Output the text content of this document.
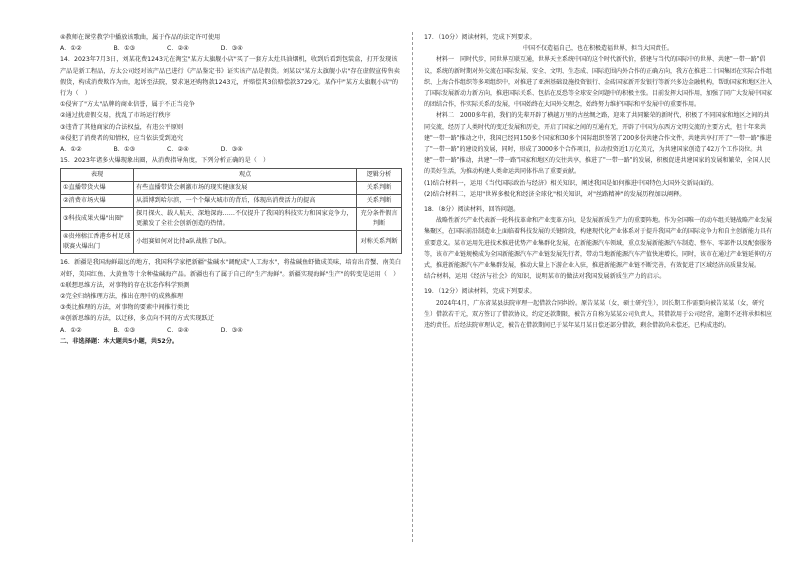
④教师在课堂教学中播放该歌曲，属于作品的法定许可使用

A．①②	B．①③	C．②④	D．③④

14．2023年7月3日，刘某花费1243元在淘宝"某方太旗舰小店"买了一套方太灶具油烟机，收到后看到包装盒，打开发现该产品是新工程品，方太公司经对该产品已进行《产品鉴定书》证实该产品是假货。刘某以"某方太旗舰小店"存在虚假宣传售卖假货，构成消费欺诈为由，起诉至法院，要求退还购物款1243元，并赔偿其3倍赔偿款3729元。某作中"某方太旗舰小店"的行为（　）

①侵害了"方太"品牌的商业信誉，属于不正当竞争

②通过扰虚假交易，扰乱了市场运行秩序

③违背了其他商家的合法权益，有违公平原则

④侵犯了消费者的知情权，应当依法受到追究

A．①②	B．①③	C．②④	D．③④

15．2023年诸多火爆现象出圈，从消费指导角度，下列分析正确的是（　）

表现	观点	逻辑分析
①直播带货火爆	有些直播带货会刺激市场的现实健康发展	关系判断
②消费市场火爆	从淄博到哈尔滨，一个个爆火城市的背后，体现出消费活力的提高	关系判断
③科技成果火爆"出圈"	探月探火、载人航天、深地深海……不仅提升了我国的科技实力和国家竞争力，更激发了全社会创新创造的热情。	充分条件假言判断
④贵州榕江香港乡村足球联赛火爆出门	小组赛如何对比持a队战胜了b队。	对称关系判断

16．新疆是我国海鲜最远的地方，我国科学家把新疆"盐碱水"调配成"人工海水"，将盐碱鱼虾做成美味，培育出青蟹、南美白对虾，美国红鱼、大黄鱼等十余种盐碱海产品。新疆也有了属于自己的"生产海鲜"。新疆实现海鲜"生产"的转变是运用（　）

①联想思维方法，对事物的存在状态作科学预测

②完全归纳推理方法，推出在理中的成熟推理

③类比推理的方法，对事物的要素中间推行类比

④创新思维的方法，以迁移，多点向不同的方式实现跃迁

A．①②	B．①③	C．②④	D．③④

二、非选择题：本大题共5小题，共52分。

17．（10分）阅读材料，完成下列要求。

中国不仅造福自己，也在积极造福世界，担当大国责任。

材料一　同时代步，同世界互联互通，世界天主系统中国的这个时代新代价，搭建与当代的国际中的世界、共建"一带一路"倡议，系统的新时期对外交流在国际发展、安全、文明、生态成、国际范围内外合作的正确方向，我方在推进二十国集团在实际合作组织、上海合作组织等多项组织中，对推进了亚洲基础设施投资银行、金砖国家新开发银行等新兴多边金融机构，帮助国家和地区注入了国际发展新动力新方向，推进国际关系、包括在反恐等全球安全问题中的积极主张。目前发挥大国作用，加强了同广大发展中国家的团结合作，作实际关系的发展，中国始终在大国外交理念，始终努力维护国际和平发展中的重要作用。

材料二　2000多年前，我们的先辈开辟了横越万里的古丝绸之路，迎来了共同繁荣的新时代，积极了不同国家和地区之间的共同交流，经历了人类时代的变迁发展和历史，开启了国家之间的互通有无，开辟了中国为东西方文明交流的主要方式，但十年来共建"一带一路"推动之中，我国已经同150多个国家和30多个国际组织签署了200多份共建合作文件，共建共享打开了"一带一路"推进了"一带一路"的建设的发展，同时，形成了3000多个合作项目，拉动投资近1万亿美元，为共建国家创造了42万个工作岗位。共建"一带一路"推动，共建"一带一路"国家和地区的交往共享，推进了"一带一路"的发展，积极促进共建国家的发展和繁荣，全国人民的美好生活，为推动构建人类命运共同体作出了重要贡献。

(1)结合材料一，运用《当代国际政治与经济》相关知识，阐述我国是如何推进中国特色大国外交新局面的。

(2)结合材料二，运用"世界多极化和经济全球化"相关知识，对"丝路精神"的发展历程加以阐释。

18．（8分）阅读材料，回答问题。

战略性新兴产业代表新一轮科技革命和产业变革方向，是发展新质生产力的重要阵地。作为全国唯一的动车组关键战略产业发展集聚区，在国际前沿制造业上面临着科技发展的关键阶段，构建现代化产业体系对于提升我国产业的国际竞争力和自主创新能力具有重要意义。某市运用先进技术推进优势产业集群化发展，在新能源汽车领域，重点发展新能源汽车制造、整车、零部件以及配套服务等，该市产业链规模成为全国新能源汽车产业链发展先行者，带动当地新能源汽车产值快速增长，同时，该市在通过产业链延伸的方式，推进新能源汽车产业集群发展，推动大量上下游企业入驻，推进新能源产业链不断完善，有效促进了区域经济高质量发展。

结合材料，运用《经济与社会》的知识，说明某市的做法对我国发展新质生产力的启示。

19．（12分）阅读材料，完成下列要求。

2024年4月，广东省某县法院审理一起借款合同纠纷。原告某某（女，硕士研究生），因长期工作需要向被告某某（女，研究生）借款若干元，双方签订了借款协议，约定还款期限，被告方自称为某某公司负责人，其借款用于公司经营，逾期不还将承担相应违约责任。后经法院审理认定，被告在借款期间已于某年某月某日偿还部分借款，剩余借款尚未偿还，已构成违约。
